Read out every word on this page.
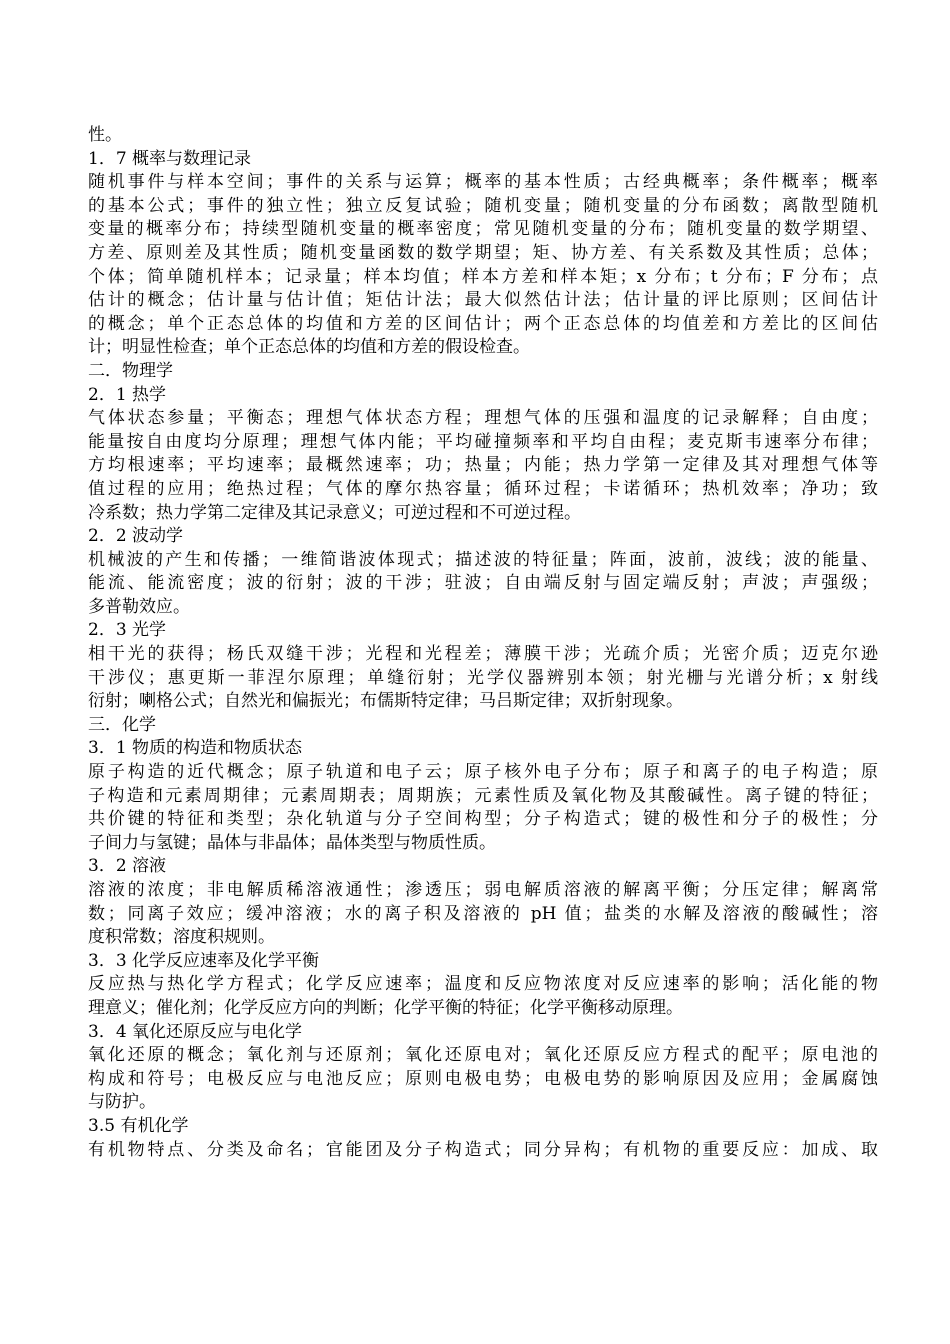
性。
1．7 概率与数理记录
随机事件与样本空间；事件的关系与运算；概率的基本性质；古经典概率；条件概率；概率
的基本公式；事件的独立性；独立反复试验；随机变量；随机变量的分布函数；离散型随机
变量的概率分布；持续型随机变量的概率密度；常见随机变量的分布；随机变量的数学期望、
方差、原则差及其性质；随机变量函数的数学期望；矩、协方差、有关系数及其性质；总体；
个体；简单随机样本；记录量；样本均值；样本方差和样本矩；x 分布；t 分布；F 分布；点
估计的概念；估计量与估计值；矩估计法；最大似然估计法；估计量的评比原则；区间估计
的概念；单个正态总体的均值和方差的区间估计；两个正态总体的均值差和方差比的区间估
计；明显性检查；单个正态总体的均值和方差的假设检查。
二．物理学
2．1 热学
气体状态参量；平衡态；理想气体状态方程；理想气体的压强和温度的记录解释；自由度；
能量按自由度均分原理；理想气体内能；平均碰撞频率和平均自由程；麦克斯韦速率分布律；
方均根速率；平均速率；最概然速率；功；热量；内能；热力学第一定律及其对理想气体等
值过程的应用；绝热过程；气体的摩尔热容量；循环过程；卡诺循环；热机效率；净功；致
冷系数；热力学第二定律及其记录意义；可逆过程和不可逆过程。
2．2 波动学
机械波的产生和传播；一维简谐波体现式；描述波的特征量；阵面，波前，波线；波的能量、
能流、能流密度；波的衍射；波的干涉；驻波；自由端反射与固定端反射；声波；声强级；
多普勒效应。
2．3 光学
相干光的获得；杨氏双缝干涉；光程和光程差；薄膜干涉；光疏介质；光密介质；迈克尔逊
干涉仪；惠更斯一菲涅尔原理；单缝衍射；光学仪器辨别本领；射光栅与光谱分析；x 射线
衍射；喇格公式；自然光和偏振光；布儒斯特定律；马吕斯定律；双折射现象。
三．化学
3．1 物质的构造和物质状态
原子构造的近代概念；原子轨道和电子云；原子核外电子分布；原子和离子的电子构造；原
子构造和元素周期律；元素周期表；周期族；元素性质及氧化物及其酸碱性。离子键的特征；
共价键的特征和类型；杂化轨道与分子空间构型；分子构造式；键的极性和分子的极性；分
子间力与氢键；晶体与非晶体；晶体类型与物质性质。
3．2 溶液
溶液的浓度；非电解质稀溶液通性；渗透压；弱电解质溶液的解离平衡；分压定律；解离常
数；同离子效应；缓冲溶液；水的离子积及溶液的 pH 值；盐类的水解及溶液的酸碱性；溶
度积常数；溶度积规则。
3．3 化学反应速率及化学平衡
反应热与热化学方程式；化学反应速率；温度和反应物浓度对反应速率的影响；活化能的物
理意义；催化剂；化学反应方向的判断；化学平衡的特征；化学平衡移动原理。
3．4 氧化还原反应与电化学
氧化还原的概念；氧化剂与还原剂；氧化还原电对；氧化还原反应方程式的配平；原电池的
构成和符号；电极反应与电池反应；原则电极电势；电极电势的影响原因及应用；金属腐蚀
与防护。
3.5 有机化学
有机物特点、分类及命名；官能团及分子构造式；同分异构；有机物的重要反应：加成、取
